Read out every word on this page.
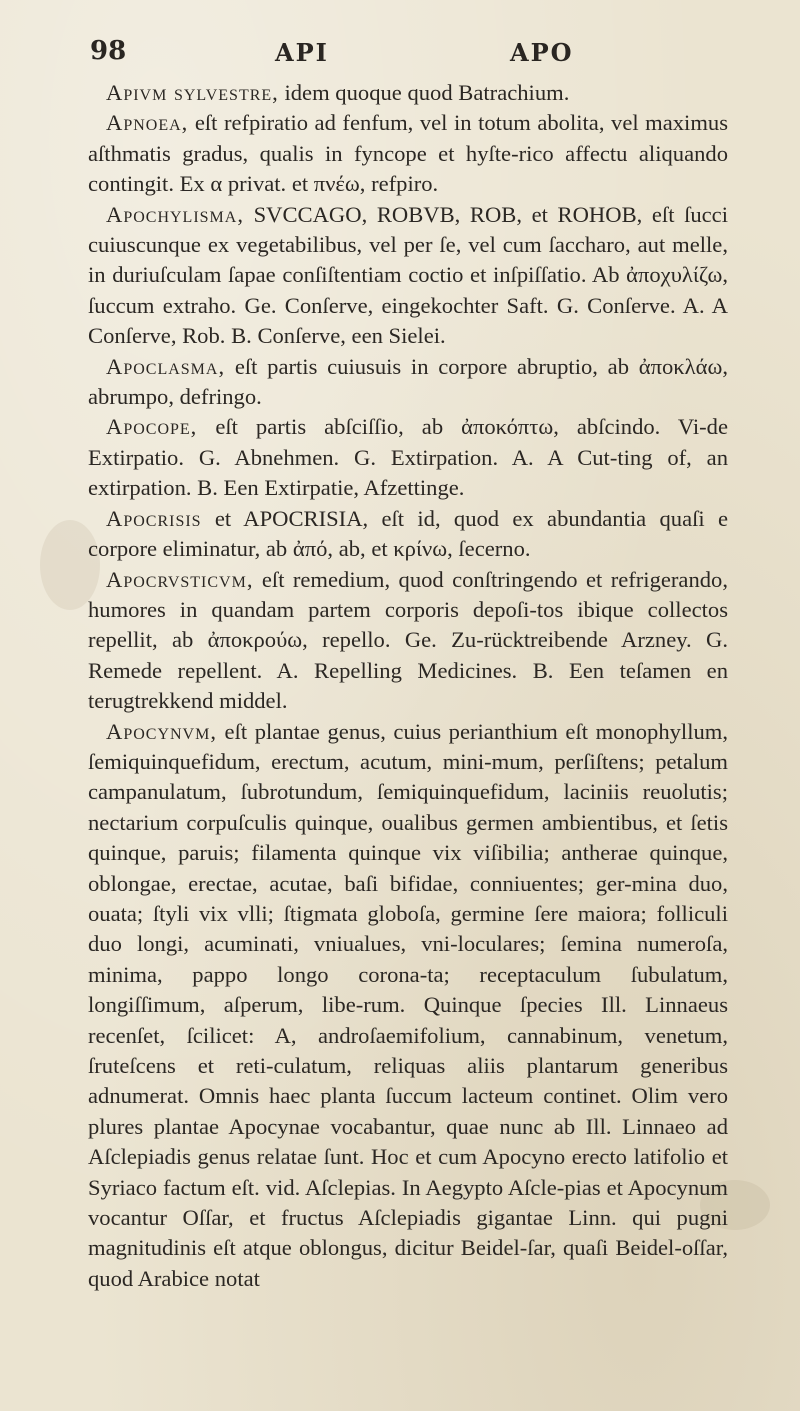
98	API	APO

Apivm sylvestre, idem quoque quod Batrachium.

Apnoea, eſt refpiratio ad fenfum, vel in totum abolita, vel maximus aſthmatis gradus, qualis in fyncope et hyſte-rico affectu aliquando contingit. Ex α privat. et πνέω, refpiro.

Apochylisma, SVCCAGO, ROBVB, ROB, et ROHOB, eſt ſucci cuiuscunque ex vegetabilibus, vel per ſe, vel cum ſaccharo, aut melle, in duriuſculam ſapae conſiſtentiam coctio et inſpiſſatio. Ab ἀποχυλίζω, ſuccum extraho. Ge. Conſerve, eingekochter Saft. G. Conſerve. A. A Conſerve, Rob. B. Conſerve, een Sielei.

Apoclasma, eſt partis cuiusuis in corpore abruptio, ab ἀποκλάω, abrumpo, defringo.

Apocope, eſt partis abſciſſio, ab ἀποκόπτω, abſcindo. Vi-de Extirpatio. G. Abnehmen. G. Extirpation. A. A Cut-ting of, an extirpation. B. Een Extirpatie, Afzettinge.

Apocrisis et APOCRISIA, eſt id, quod ex abundantia quaſi e corpore eliminatur, ab ἀπό, ab, et κρίνω, ſecerno.

Apocrvsticvm, eſt remedium, quod conſtringendo et refrigerando, humores in quandam partem corporis depoſi-tos ibique collectos repellit, ab ἀποκρούω, repello. Ge. Zu-rücktreibende Arzney. G. Remede repellent. A. Repelling Medicines. B. Een teſamen en terugtrekkend middel.

Apocynvm, eſt plantae genus, cuius perianthium eſt monophyllum, ſemiquinquefidum, erectum, acutum, mini-mum, perſiſtens; petalum campanulatum, ſubrotundum, ſemiquinquefidum, laciniis reuolutis; nectarium corpuſculis quinque, oualibus germen ambientibus, et ſetis quinque, paruis; filamenta quinque vix viſibilia; antherae quinque, oblongae, erectae, acutae, baſi bifidae, conniuentes; ger-mina duo, ouata; ſtyli vix vlli; ſtigmata globoſa, germine ſere maiora; folliculi duo longi, acuminati, vniualues, vni-loculares; ſemina numeroſa, minima, pappo longo corona-ta; receptaculum ſubulatum, longiſſimum, aſperum, libe-rum. Quinque ſpecies Ill. Linnaeus recenſet, ſcilicet: A, androſaemifolium, cannabinum, venetum, ſruteſcens et reti-culatum, reliquas aliis plantarum generibus adnumerat. Omnis haec planta ſuccum lacteum continet. Olim vero plures plantae Apocynae vocabantur, quae nunc ab Ill. Linnaeo ad Aſclepiadis genus relatae ſunt. Hoc et cum Apocyno erecto latifolio et Syriaco factum eſt. vid. Aſclepias. In Aegypto Aſcle-pias et Apocynum vocantur Oſſar, et fructus Aſclepiadis gigantae Linn. qui pugni magnitudinis eſt atque oblongus, dicitur Beidel-ſar, quaſi Beidel-oſſar, quod Arabice notat
